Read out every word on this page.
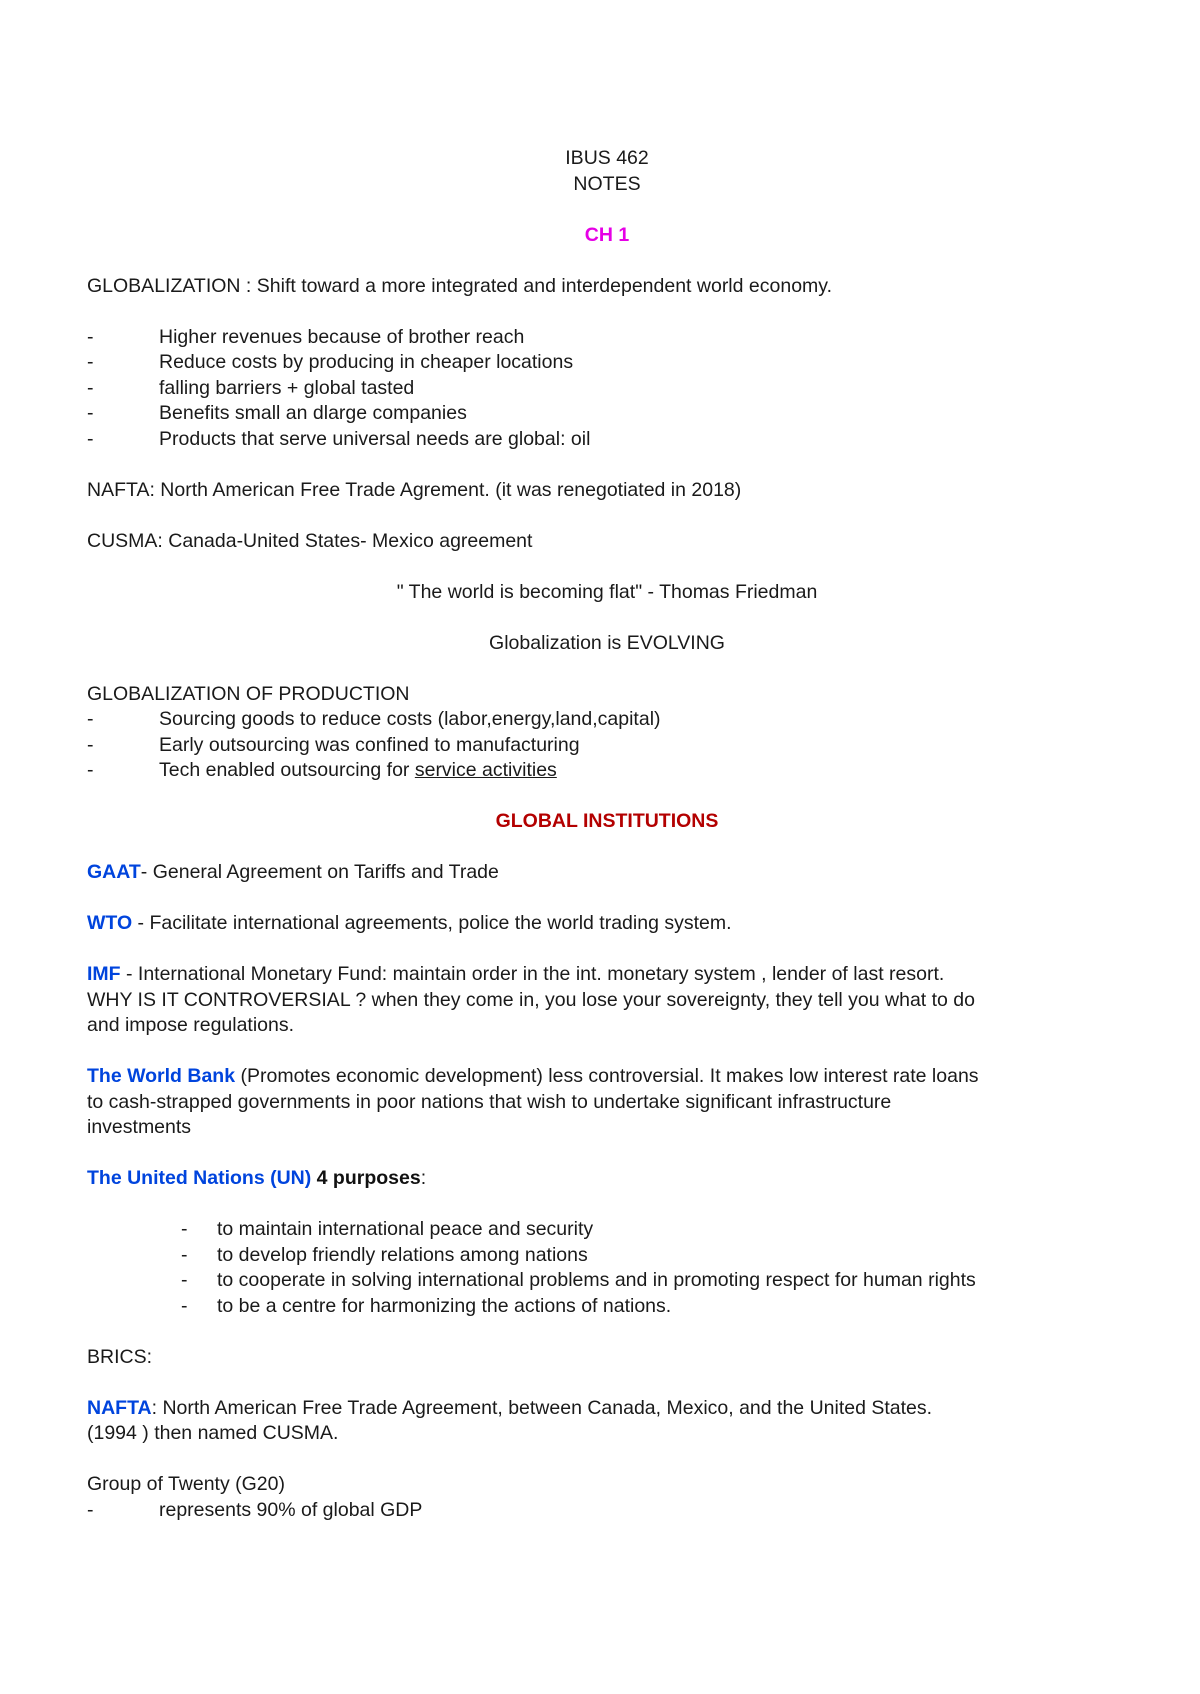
IBUS 462

NOTES

CH 1

GLOBALIZATION : Shift toward a more integrated and interdependent world economy.

-	Higher revenues because of brother reach
-	Reduce costs by producing in cheaper locations
-	falling barriers + global tasted
-	Benefits small an dlarge companies
-	Products that serve universal needs are global: oil

NAFTA: North American Free Trade Agrement. (it was renegotiated in 2018)

CUSMA: Canada-United States- Mexico agreement

" The world is becoming flat" - Thomas Friedman

Globalization is EVOLVING

GLOBALIZATION OF PRODUCTION

-	Sourcing goods to reduce costs (labor,energy,land,capital)
-	Early outsourcing was confined to manufacturing
-	Tech enabled outsourcing for service activities

GLOBAL INSTITUTIONS

GAAT- General Agreement on Tariffs and Trade

WTO - Facilitate international agreements, police the world trading system.

IMF - International Monetary Fund: maintain order in the int. monetary system , lender of last resort.

WHY IS IT CONTROVERSIAL ? when they come in, you lose your sovereignty, they tell you what to do

and impose regulations.

The World Bank (Promotes economic development) less controversial. It makes low interest rate loans

to cash-strapped governments in poor nations that wish to undertake significant infrastructure

investments

The United Nations (UN) 4 purposes:

-	to maintain international peace and security
-	to develop friendly relations among nations
-	to cooperate in solving international problems and in promoting respect for human rights
-	to be a centre for harmonizing the actions of nations.

BRICS:

NAFTA: North American Free Trade Agreement, between Canada, Mexico, and the United States.

(1994 ) then named CUSMA.

Group of Twenty (G20)

-	represents 90% of global GDP
